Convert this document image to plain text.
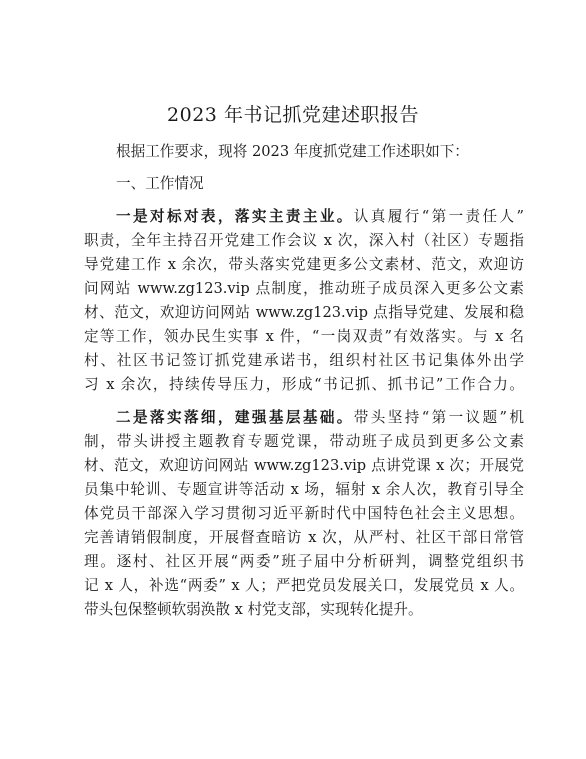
2023 年书记抓党建述职报告
根据工作要求，现将 2023 年度抓党建工作述职如下：
一、工作情况
一是对标对表，落实主责主业。认真履行“第一责任人”
职责，全年主持召开党建工作会议 x 次，深入村（社区）专题指
导党建工作 x 余次，带头落实党建更多公文素材、范文，欢迎访
问网站 www.zg123.vip 点制度，推动班子成员深入更多公文素
材、范文，欢迎访问网站 www.zg123.vip 点指导党建、发展和稳
定等工作，领办民生实事 x 件，“一岗双责”有效落实。与 x 名
村、社区书记签订抓党建承诺书，组织村社区书记集体外出学
习 x 余次，持续传导压力，形成“书记抓、抓书记”工作合力。
二是落实落细，建强基层基础。带头坚持“第一议题”机
制，带头讲授主题教育专题党课，带动班子成员到更多公文素
材、范文，欢迎访问网站 www.zg123.vip 点讲党课 x 次；开展党
员集中轮训、专题宣讲等活动 x 场，辐射 x 余人次，教育引导全
体党员干部深入学习贯彻习近平新时代中国特色社会主义思想。
完善请销假制度，开展督查暗访 x 次，从严村、社区干部日常管
理。逐村、社区开展“两委”班子届中分析研判，调整党组织书
记 x 人，补选“两委” x 人；严把党员发展关口，发展党员 x 人。
带头包保整顿软弱涣散 x 村党支部，实现转化提升。
